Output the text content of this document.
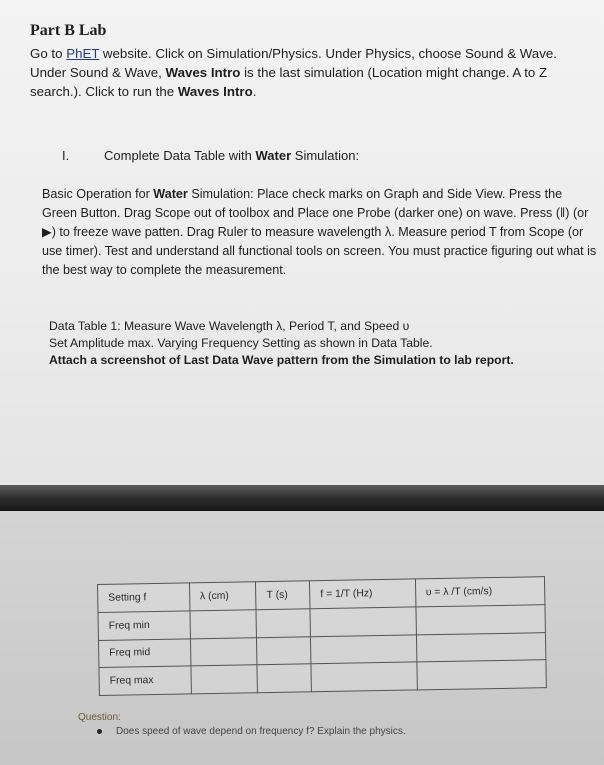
Part B Lab
Go to PhET website. Click on Simulation/Physics. Under Physics, choose Sound & Wave. Under Sound & Wave, Waves Intro is the last simulation (Location might change. A to Z search.). Click to run the Waves Intro.
I.	Complete Data Table with Water Simulation:
Basic Operation for Water Simulation: Place check marks on Graph and Side View. Press the Green Button. Drag Scope out of toolbox and Place one Probe (darker one) on wave. Press (‖) (or ▶) to freeze wave patten. Drag Ruler to measure wavelength λ. Measure period T from Scope (or use timer). Test and understand all functional tools on screen. You must practice figuring out what is the best way to complete the measurement.
Data Table 1: Measure Wave Wavelength λ, Period T, and Speed υ
Set Amplitude max. Varying Frequency Setting as shown in Data Table.
Attach a screenshot of Last Data Wave pattern from the Simulation to lab report.
Setting f	λ (cm)	T (s)	f = 1/T (Hz)	υ = λ /T (cm/s)
Freq min				
Freq mid				
Freq max				
Question:
Does speed of wave depend on frequency f? Explain the physics.
